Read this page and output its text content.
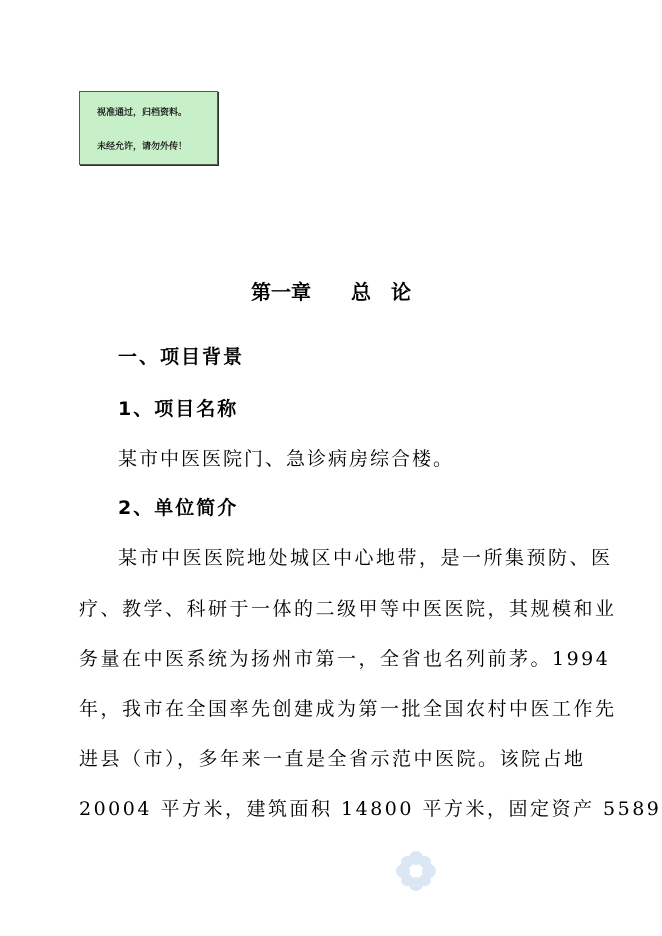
视准通过，归档资料。
未经允许，请勿外传！
第一章　　总　论
一、项目背景
1、项目名称
某市中医医院门、急诊病房综合楼。
2、单位简介
某市中医医院地处城区中心地带，是一所集预防、医
疗、教学、科研于一体的二级甲等中医医院，其规模和业
务量在中医系统为扬州市第一，全省也名列前茅。1994
年，我市在全国率先创建成为第一批全国农村中医工作先
进县（市），多年来一直是全省示范中医院。该院占地
20004 平方米，建筑面积 14800 平方米，固定资产 5589
